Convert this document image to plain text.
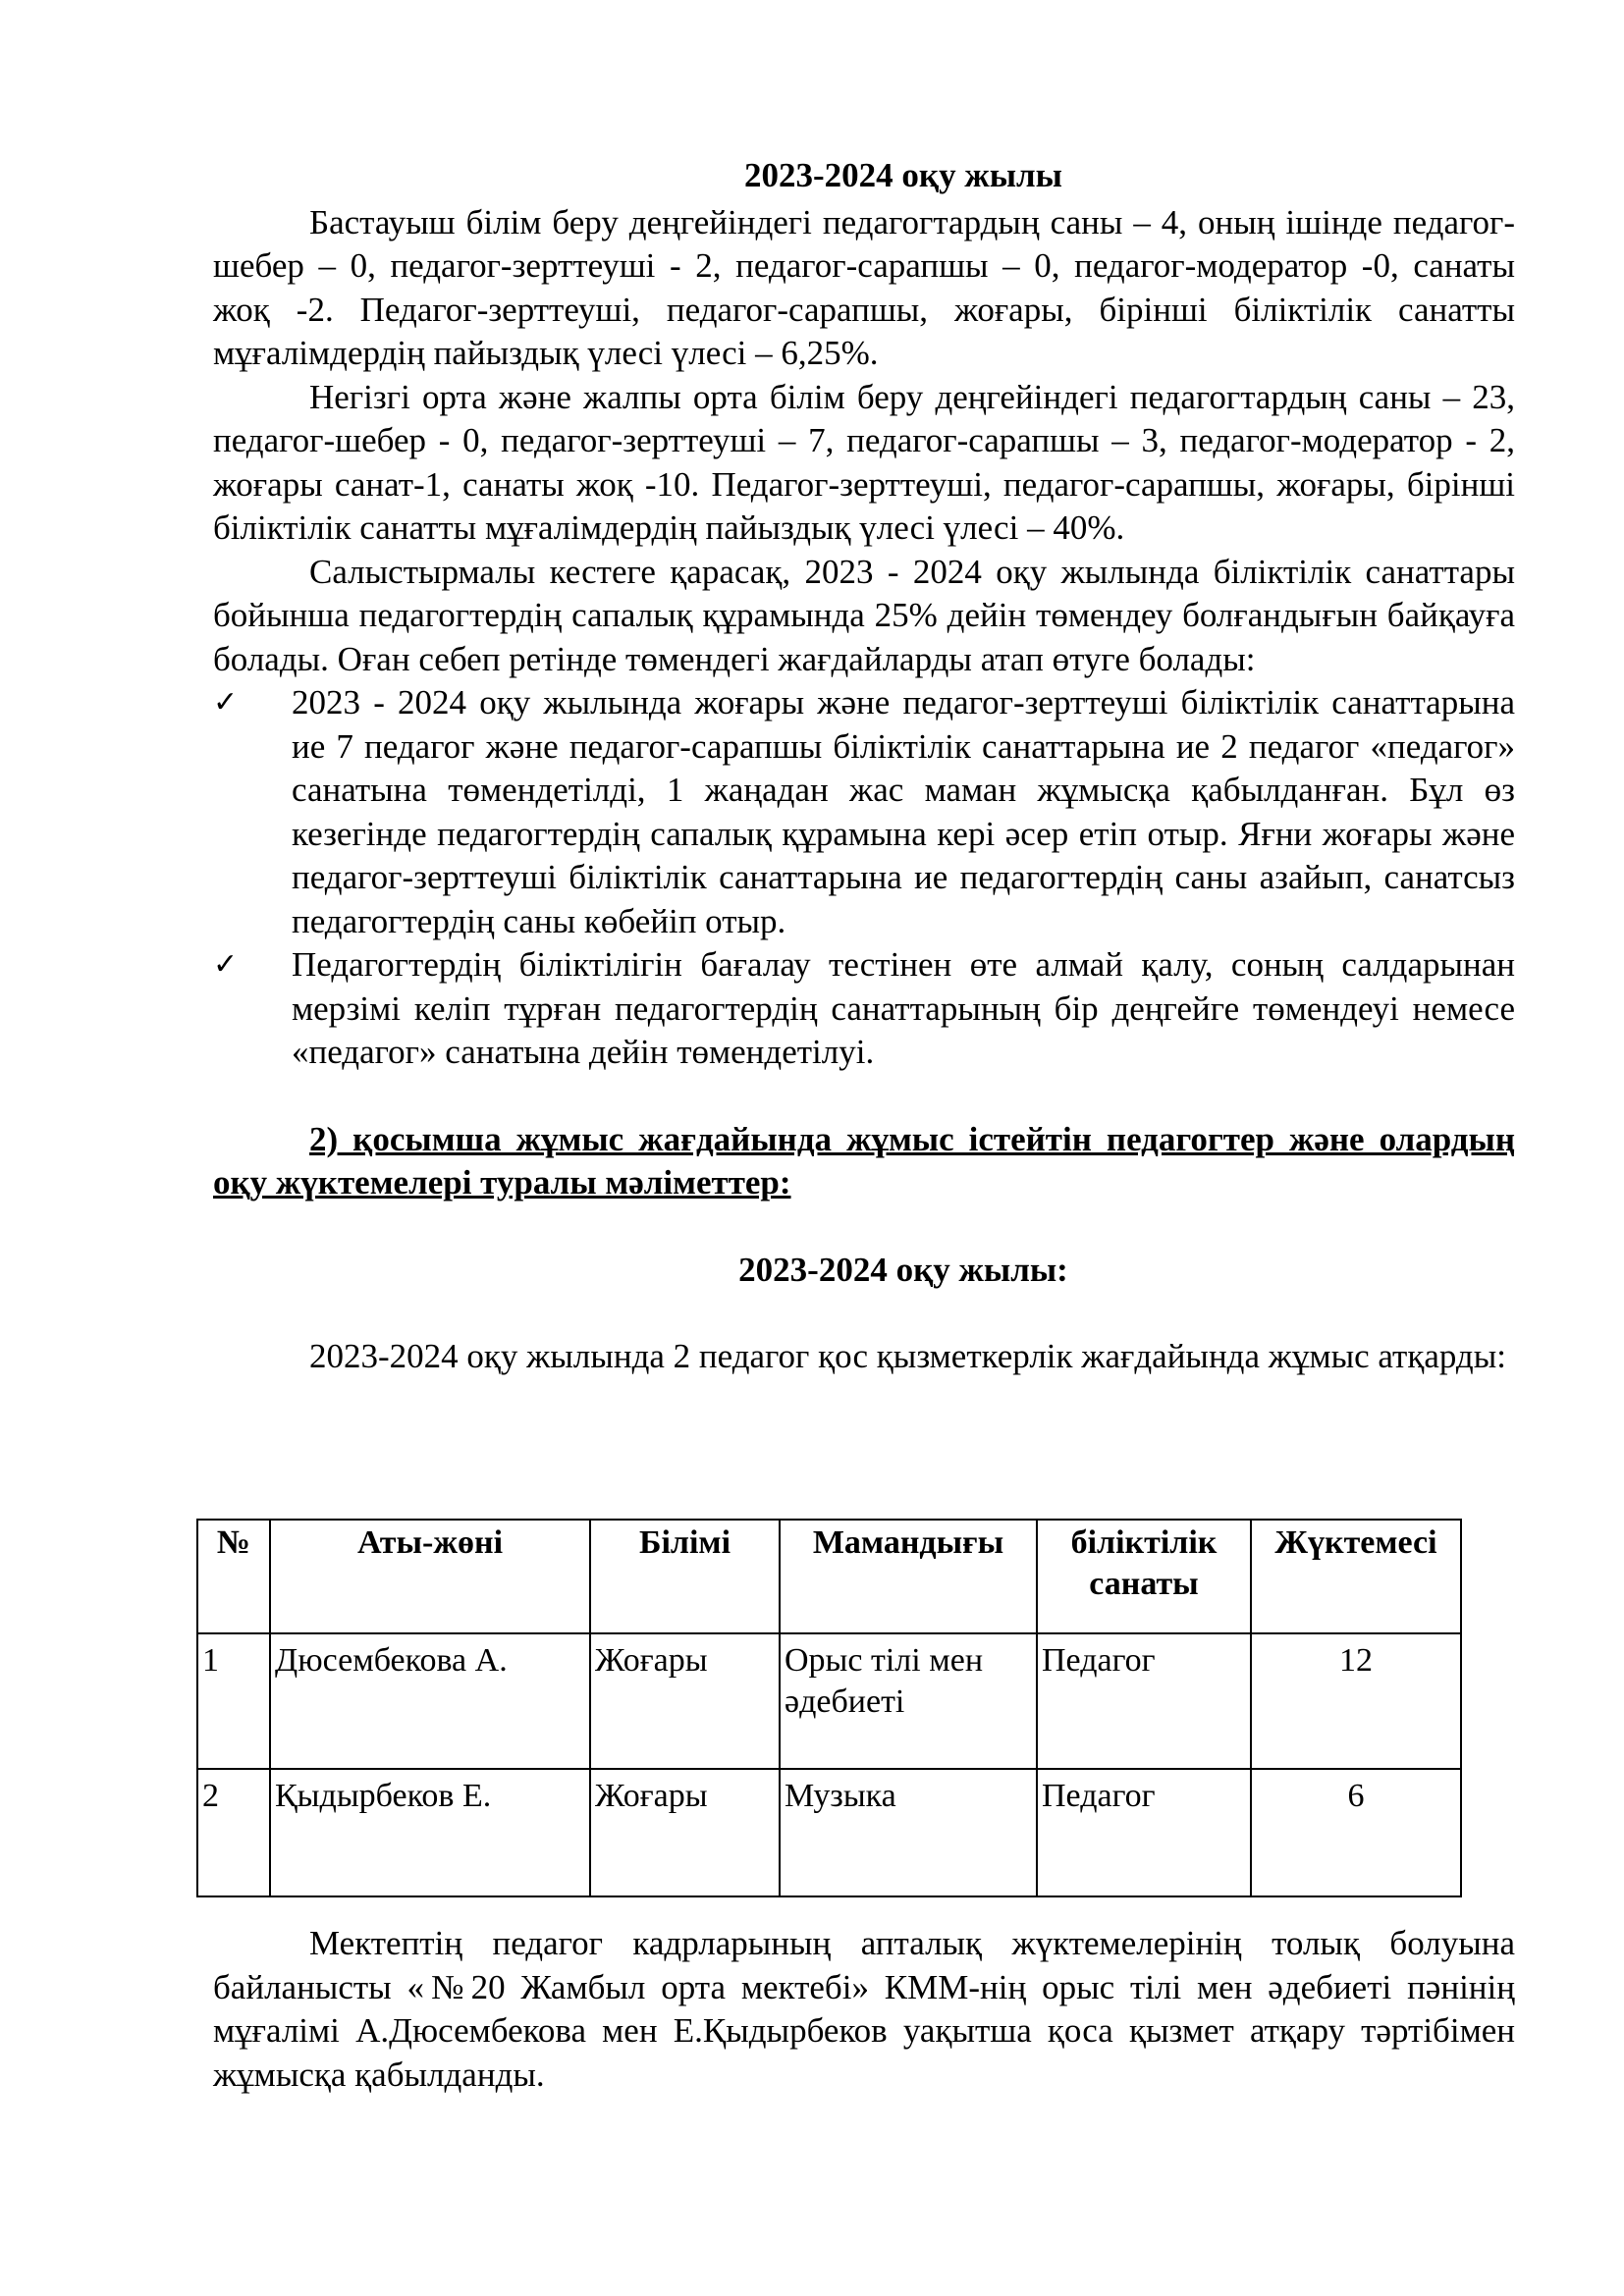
2023-2024 оқу жылы

Бастауыш білім беру деңгейіндегі педагогтардың саны – 4, оның ішінде педагог-шебер – 0, педагог-зерттеуші - 2, педагог-сарапшы – 0, педагог-модератор -0, санаты жоқ -2. Педагог-зерттеуші, педагог-сарапшы, жоғары, бірінші біліктілік санатты мұғалімдердің пайыздық үлесі үлесі – 6,25%.

Негізгі орта және жалпы орта білім беру деңгейіндегі педагогтардың саны – 23, педагог-шебер - 0, педагог-зерттеуші – 7, педагог-сарапшы – 3, педагог-модератор - 2, жоғары санат-1, санаты жоқ -10. Педагог-зерттеуші, педагог-сарапшы, жоғары, бірінші біліктілік санатты мұғалімдердің пайыздық үлесі үлесі – 40%.

Салыстырмалы кестеге қарасақ, 2023 - 2024 оқу жылында біліктілік санаттары бойынша педагогтердің сапалық құрамында 25% дейін төмендеу болғандығын байқауға болады. Оған себеп ретінде төмендегі жағдайларды атап өтуге болады:

✓	2023 - 2024 оқу жылында жоғары және педагог-зерттеуші біліктілік санаттарына ие 7 педагог және педагог-сарапшы біліктілік санаттарына ие 2 педагог «педагог» санатына төмендетілді, 1 жаңадан жас маман жұмысқа қабылданған. Бұл өз кезегінде педагогтердің сапалық құрамына кері әсер етіп отыр. Яғни жоғары және педагог-зерттеуші біліктілік санаттарына ие педагогтердің саны азайып, санатсыз педагогтердің саны көбейіп отыр.
✓	Педагогтердің біліктілігін бағалау тестінен өте алмай қалу, соның салдарынан мерзімі келіп тұрған педагогтердің санаттарының бір деңгейге төмендеуі немесе «педагог» санатына дейін төмендетілуі.

2) қосымша жұмыс жағдайында жұмыс істейтін педагогтер және олардың оқу жүктемелері туралы мәліметтер:

2023-2024 оқу жылы:

2023-2024 оқу жылында 2 педагог қос қызметкерлік жағдайында жұмыс атқарды:

№	Аты-жөні	Білімі	Мамандығы	біліктілік санаты	Жүктемесі
1	Дюсембекова А.	Жоғары	Орыс тілі мен әдебиеті	Педагог	12
2	Қыдырбеков Е.	Жоғары	Музыка	Педагог	6

Мектептің педагог кадрларының апталық жүктемелерінің толық болуына байланысты «№20 Жамбыл орта мектебі» КММ-нің орыс тілі мен әдебиеті пәнінің мұғалімі А.Дюсембекова мен Е.Қыдырбеков уақытша қоса қызмет атқару тәртібімен жұмысқа қабылданды.
